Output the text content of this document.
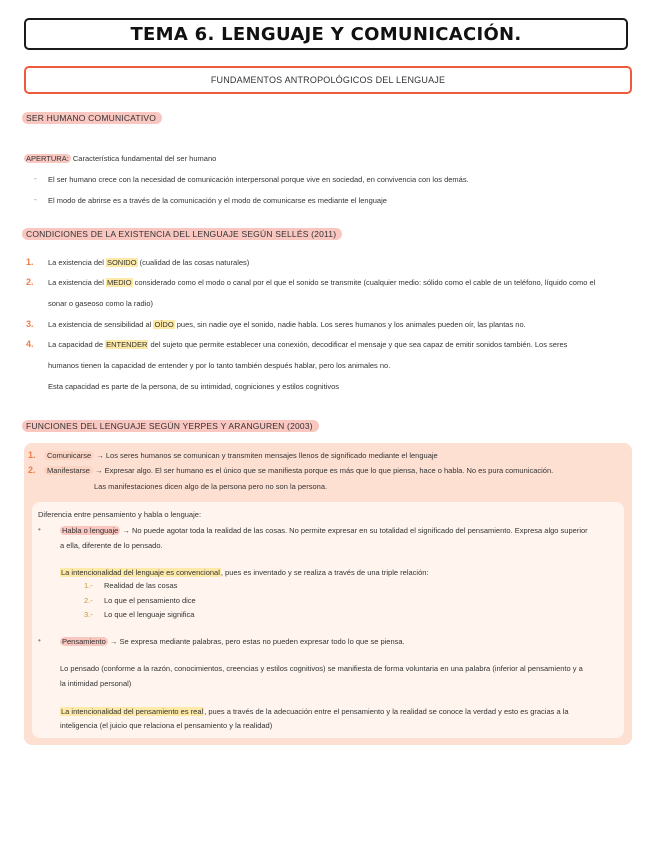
TEMA 6. LENGUAJE Y COMUNICACIÓN.
FUNDAMENTOS ANTROPOLÓGICOS DEL LENGUAJE
SER HUMANO COMUNICATIVO
APERTURA: Característica fundamental del ser humano
- El ser humano crece con la necesidad de comunicación interpersonal porque vive en sociedad, en convivencia con los demás.
- El modo de abrirse es a través de la comunicación y el modo de comunicarse es mediante el lenguaje
CONDICIONES DE LA EXISTENCIA DEL LENGUAJE SEGÚN SELLÉS (2011)
1. La existencia del SONIDO (cualidad de las cosas naturales)
2. La existencia del MEDIO considerado como el modo o canal por el que el sonido se transmite (cualquier medio: sólido como el cable de un teléfono, líquido como el
sonar o gaseoso como la radio)
3. La existencia de sensibilidad al OÍDO pues, sin nadie oye el sonido, nadie habla. Los seres humanos y los animales pueden oír, las plantas no.
4. La capacidad de ENTENDER del sujeto que permite establecer una conexión, decodificar el mensaje y que sea capaz de emitir sonidos también. Los seres
humanos tienen la capacidad de entender y por lo tanto también después hablar, pero los animales no.
Esta capacidad es parte de la persona, de su intimidad, cogniciones y estilos cognitivos
FUNCIONES DEL LENGUAJE SEGÚN YERPES Y ARANGUREN (2003)
1.	Comunicarse → Los seres humanos se comunican y transmiten mensajes llenos de significado mediante el lenguaje
2.	Manifestarse → Expresar algo. El ser humano es el único que se manifiesta porque es más que lo que piensa, hace o habla. No es pura comunicación.
Las manifestaciones dicen algo de la persona pero no son la persona.
Diferencia entre pensamiento y habla o lenguaje:
•	Habla o lenguaje → No puede agotar toda la realidad de las cosas. No permite expresar en su totalidad el significado del pensamiento. Expresa algo superior
a ella, diferente de lo pensado.
La intencionalidad del lenguaje es convencional, pues es inventado y se realiza a través de una triple relación:
1.- Realidad de las cosas
2.- Lo que el pensamiento dice
3.- Lo que el lenguaje significa
•	Pensamiento → Se expresa mediante palabras, pero estas no pueden expresar todo lo que se piensa.
Lo pensado (conforme a la razón, conocimientos, creencias y estilos cognitivos) se manifiesta de forma voluntaria en una palabra (inferior al pensamiento y a
la intimidad personal)
La intencionalidad del pensamiento es real, pues a través de la adecuación entre el pensamiento y la realidad se conoce la verdad y esto es gracias a la
inteligencia (el juicio que relaciona el pensamiento y la realidad)
